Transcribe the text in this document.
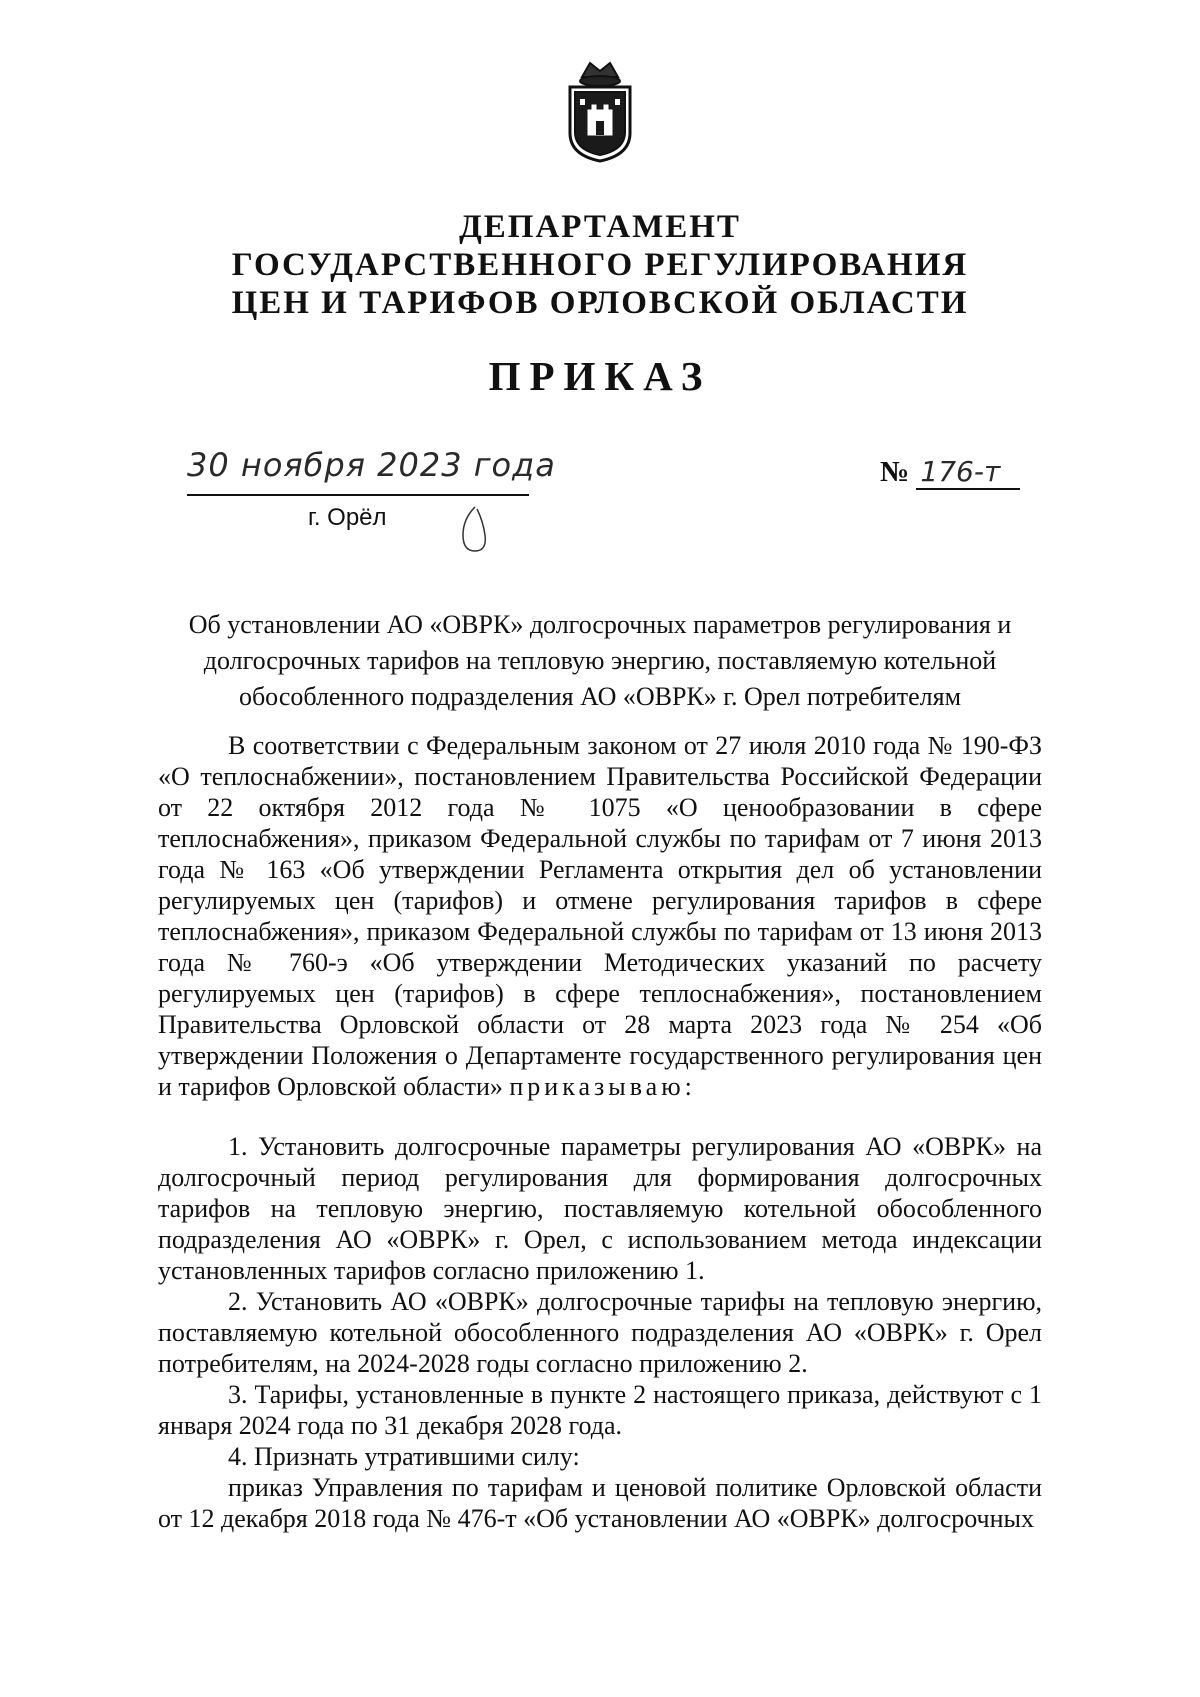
ДЕПАРТАМЕНТ
ГОСУДАРСТВЕННОГО РЕГУЛИРОВАНИЯ
ЦЕН И ТАРИФОВ ОРЛОВСКОЙ ОБЛАСТИ
ПРИКАЗ
30 ноября 2023 года
г. Орёл
№ 176-т
Об установлении АО «ОВРК» долгосрочных параметров регулирования и
долгосрочных тарифов на тепловую энергию, поставляемую котельной
обособленного подразделения АО «ОВРК» г. Орел потребителям

В соответствии с Федеральным законом от 27 июля 2010 года № 190-ФЗ «О теплоснабжении», постановлением Правительства Российской Федерации от 22 октября 2012 года № 1075 «О ценообразовании в сфере теплоснабжения», приказом Федеральной службы по тарифам от 7 июня 2013 года № 163 «Об утверждении Регламента открытия дел об установлении регулируемых цен (тарифов) и отмене регулирования тарифов в сфере теплоснабжения», приказом Федеральной службы по тарифам от 13 июня 2013 года № 760-э «Об утверждении Методических указаний по расчету регулируемых цен (тарифов) в сфере теплоснабжения», постановлением Правительства Орловской области от 28 марта 2023 года № 254 «Об утверждении Положения о Департаменте государственного регулирования цен и тарифов Орловской области» приказываю:

1. Установить долгосрочные параметры регулирования АО «ОВРК» на долгосрочный период регулирования для формирования долгосрочных тарифов на тепловую энергию, поставляемую котельной обособленного подразделения АО «ОВРК» г. Орел, с использованием метода индексации установленных тарифов согласно приложению 1.

2. Установить АО «ОВРК» долгосрочные тарифы на тепловую энергию, поставляемую котельной обособленного подразделения АО «ОВРК» г. Орел потребителям, на 2024-2028 годы согласно приложению 2.

3. Тарифы, установленные в пункте 2 настоящего приказа, действуют с 1 января 2024 года по 31 декабря 2028 года.

4. Признать утратившими силу:

приказ Управления по тарифам и ценовой политике Орловской области от 12 декабря 2018 года № 476-т «Об установлении АО «ОВРК» долгосрочных
